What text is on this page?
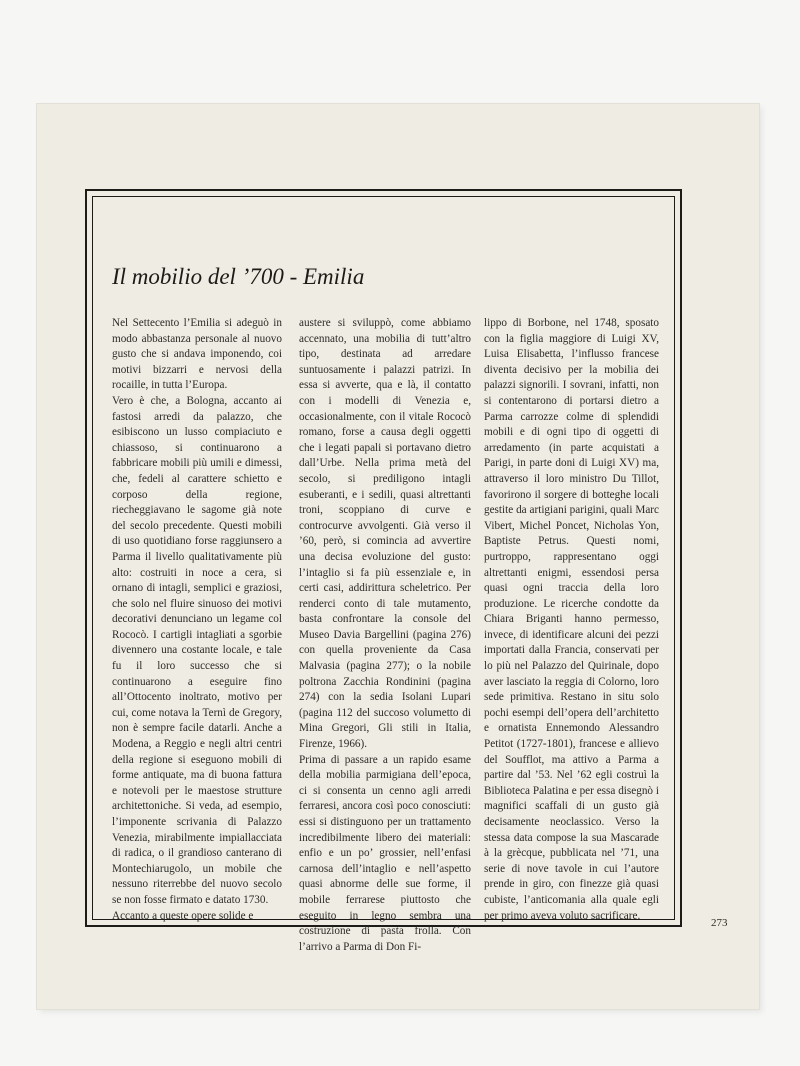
Il mobilio del ’700 - Emilia

Nel Settecento l’Emilia si adeguò in modo abbastanza personale al nuovo gusto che si andava imponendo, coi motivi bizzarri e nervosi della rocaille, in tutta l’Europa.

Vero è che, a Bologna, accanto ai fastosi arredi da palazzo, che esibiscono un lusso compiaciuto e chiassoso, si continuarono a fabbricare mobili più umili e dimessi, che, fedeli al carattere schietto e corposo della regione, riecheggiavano le sagome già note del secolo precedente. Questi mobili di uso quotidiano forse raggiunsero a Parma il livello qualitativamente più alto: costruiti in noce a cera, si ornano di intagli, semplici e graziosi, che solo nel fluire sinuoso dei motivi decorativi denunciano un legame col Rococò. I cartigli intagliati a sgorbie divennero una costante locale, e tale fu il loro successo che si continuarono a eseguire fino all’Ottocento inoltrato, motivo per cui, come notava la Ternì de Gregory, non è sempre facile datarli. Anche a Modena, a Reggio e negli altri centri della regione si eseguono mobili di forme antiquate, ma di buona fattura e notevoli per le maestose strutture architettoniche. Si veda, ad esempio, l’imponente scrivania di Palazzo Venezia, mirabilmente impiallacciata di radica, o il grandioso canterano di Montechiarugolo, un mobile che nessuno riterrebbe del nuovo secolo se non fosse firmato e datato 1730.

Accanto a queste opere solide e

austere si sviluppò, come abbiamo accennato, una mobilia di tutt’altro tipo, destinata ad arredare suntuosamente i palazzi patrizi. In essa si avverte, qua e là, il contatto con i modelli di Venezia e, occasionalmente, con il vitale Rococò romano, forse a causa degli oggetti che i legati papali si portavano dietro dall’Urbe. Nella prima metà del secolo, si prediligono intagli esuberanti, e i sedili, quasi altrettanti troni, scoppiano di curve e controcurve avvolgenti. Già verso il ’60, però, si comincia ad avvertire una decisa evoluzione del gusto: l’intaglio si fa più essenziale e, in certi casi, addirittura scheletrico. Per renderci conto di tale mutamento, basta confrontare la console del Museo Davia Bargellini (pagina 276) con quella proveniente da Casa Malvasia (pagina 277); o la nobile poltrona Zacchia Rondinini (pagina 274) con la sedia Isolani Lupari (pagina 112 del succoso volumetto di Mina Gregori, Gli stili in Italia, Firenze, 1966).

Prima di passare a un rapido esame della mobilia parmigiana dell’epoca, ci si consenta un cenno agli arredi ferraresi, ancora così poco conosciuti: essi si distinguono per un trattamento incredibilmente libero dei materiali: enfio e un po’ grossier, nell’enfasi carnosa dell’intaglio e nell’aspetto quasi abnorme delle sue forme, il mobile ferrarese piuttosto che eseguito in legno sembra una costruzione di pasta frolla. Con l’arrivo a Parma di Don Fi-

lippo di Borbone, nel 1748, sposato con la figlia maggiore di Luigi XV, Luisa Elisabetta, l’influsso francese diventa decisivo per la mobilia dei palazzi signorili. I sovrani, infatti, non si contentarono di portarsi dietro a Parma carrozze colme di splendidi mobili e di ogni tipo di oggetti di arredamento (in parte acquistati a Parigi, in parte doni di Luigi XV) ma, attraverso il loro ministro Du Tillot, favorirono il sorgere di botteghe locali gestite da artigiani parigini, quali Marc Vibert, Michel Poncet, Nicholas Yon, Baptiste Petrus. Questi nomi, purtroppo, rappresentano oggi altrettanti enigmi, essendosi persa quasi ogni traccia della loro produzione. Le ricerche condotte da Chiara Briganti hanno permesso, invece, di identificare alcuni dei pezzi importati dalla Francia, conservati per lo più nel Palazzo del Quirinale, dopo aver lasciato la reggia di Colorno, loro sede primitiva. Restano in situ solo pochi esempi dell’opera dell’architetto e ornatista Ennemondo Alessandro Petitot (1727-1801), francese e allievo del Soufflot, ma attivo a Parma a partire dal ’53. Nel ’62 egli costruì la Biblioteca Palatina e per essa disegnò i magnifici scaffali di un gusto già decisamente neoclassico. Verso la stessa data compose la sua Mascarade à la grècque, pubblicata nel ’71, una serie di nove tavole in cui l’autore prende in giro, con finezze già quasi cubiste, l’anticomania alla quale egli per primo aveva voluto sacrificare.

273
